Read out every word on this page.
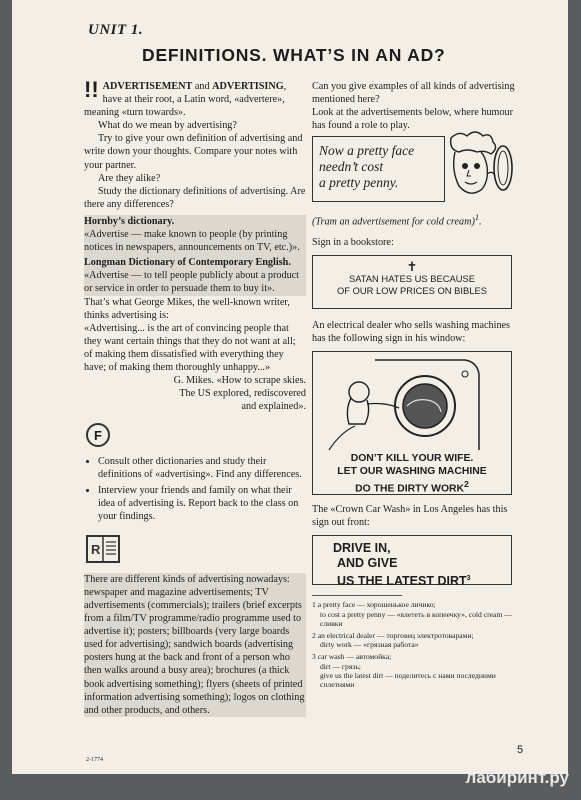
UNIT 1.
DEFINITIONS. WHAT’S IN AN AD?
!! ADVERTISEMENT and ADVERTISING, have at their root, a Latin word, «advertere», meaning «turn towards».

What do we mean by advertising?

Try to give your own definition of advertising and write down your thoughts. Compare your notes with your partner.

Are they alike?

Study the dictionary definitions of advertising. Are there any differences?

Hornby’s dictionary.

«Advertise — make known to people (by printing notices in newspapers, announcements on TV, etc.)».

Longman Dictionary of Contemporary English.

«Advertise — to tell people publicly about a product or service in order to persuade them to buy it».

That’s what George Mikes, the well-known writer, thinks advertising is:

«Advertising... is the art of convincing people that they want certain things that they do not want at all; of making them dissatisfied with everything they have; of making them thoroughly unhappy...»

G. Mikes. «How to scrape skies.

The US explored, rediscovered

and explained».

F
• Consult other dictionaries and study their definitions of «advertising». Find any differences.
• Interview your friends and family on what their idea of advertising is. Report back to the class on your findings.
R

There are different kinds of advertising nowadays: newspaper and magazine advertisements; TV advertisements (commercials); trailers (brief excerpts from a film/TV programme/radio programme used to advertise it); posters; billboards (very large boards used for advertising); sandwich boards (advertising posters hung at the back and front of a person who then walks around a busy area); brochures (a thick book advertising something); flyers (sheets of printed information advertising something); logos on clothing and other products, and others.

Can you give examples of all kinds of advertising mentioned here?

Look at the advertisements below, where humour has found a role to play.

Now a pretty face
needn’t cost
a pretty penny.

(Tram an advertisement for cold cream)$^1$.

Sign in a bookstore:

✝
SATAN HATES US BECAUSE
OF OUR LOW PRICES ON BIBLES

An electrical dealer who sells washing machines has the following sign in his window:

DON’T KILL YOUR WIFE.
LET OUR WASHING MACHINE
DO THE DIRTY WORK$^2$

The «Crown Car Wash» in Los Angeles has this sign out front:

DRIVE IN,
AND GIVE
US THE LATEST DIRT$^3$
1 a pretty face — хорошенькое личико;
to cost a pretty penny — «влететь в копеечку», cold cream — сливки
2 an electrical dealer — торговец электротоварами;
dirty work — «грязная работа»
3 car wash — автомойка;
dirt — грязь;
give us the latest dirt — поделитесь с нами последними сплетнями
5
2-1774
лабиринт.ру
